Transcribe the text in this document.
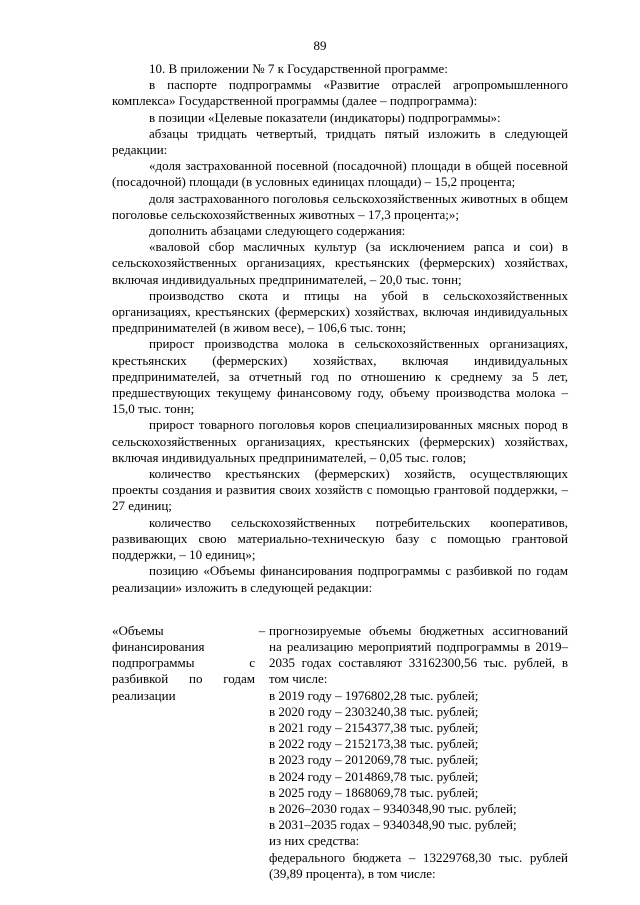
89

10. В приложении № 7 к Государственной программе:

в паспорте подпрограммы «Развитие отраслей агропромышленного комплекса» Государственной программы (далее – подпрограмма):

в позиции «Целевые показатели (индикаторы) подпрограммы»:

абзацы тридцать четвертый, тридцать пятый изложить в следующей редакции:

«доля застрахованной посевной (посадочной) площади в общей посевной (посадочной) площади (в условных единицах площади) – 15,2 процента;

доля застрахованного поголовья сельскохозяйственных животных в общем поголовье сельскохозяйственных животных – 17,3 процента;»;

дополнить абзацами следующего содержания:

«валовой сбор масличных культур (за исключением рапса и сои) в сельскохозяйственных организациях, крестьянских (фермерских) хозяйствах, включая индивидуальных предпринимателей, – 20,0 тыс. тонн;

производство скота и птицы на убой в сельскохозяйственных организациях, крестьянских (фермерских) хозяйствах, включая индивидуальных предпринимателей (в живом весе), – 106,6 тыс. тонн;

прирост производства молока в сельскохозяйственных организациях, крестьянских (фермерских) хозяйствах, включая индивидуальных предпринимателей, за отчетный год по отношению к среднему за 5 лет, предшествующих текущему финансовому году, объему производства молока – 15,0 тыс. тонн;

прирост товарного поголовья коров специализированных мясных пород в сельскохозяйственных организациях, крестьянских (фермерских) хозяйствах, включая индивидуальных предпринимателей, – 0,05 тыс. голов;

количество крестьянских (фермерских) хозяйств, осуществляющих проекты создания и развития своих хозяйств с помощью грантовой поддержки, – 27 единиц;

количество сельскохозяйственных потребительских кооперативов, развивающих свою материально-техническую базу с помощью грантовой поддержки, – 10 единиц»;

позицию «Объемы финансирования подпрограммы с разбивкой по годам реализации» изложить в следующей редакции:

«Объемы финансирования подпрограммы с разбивкой по годам реализации
– прогнозируемые объемы бюджетных ассигнований на реализацию мероприятий подпрограммы в 2019–2035 годах составляют 33162300,56 тыс. рублей, в том числе:

в 2019 году – 1976802,28 тыс. рублей;

в 2020 году – 2303240,38 тыс. рублей;

в 2021 году – 2154377,38 тыс. рублей;

в 2022 году – 2152173,38 тыс. рублей;

в 2023 году – 2012069,78 тыс. рублей;

в 2024 году – 2014869,78 тыс. рублей;

в 2025 году – 1868069,78 тыс. рублей;

в 2026–2030 годах – 9340348,90 тыс. рублей;

в 2031–2035 годах – 9340348,90 тыс. рублей;

из них средства:

федерального бюджета – 13229768,30 тыс. рублей (39,89 процента), в том числе:
